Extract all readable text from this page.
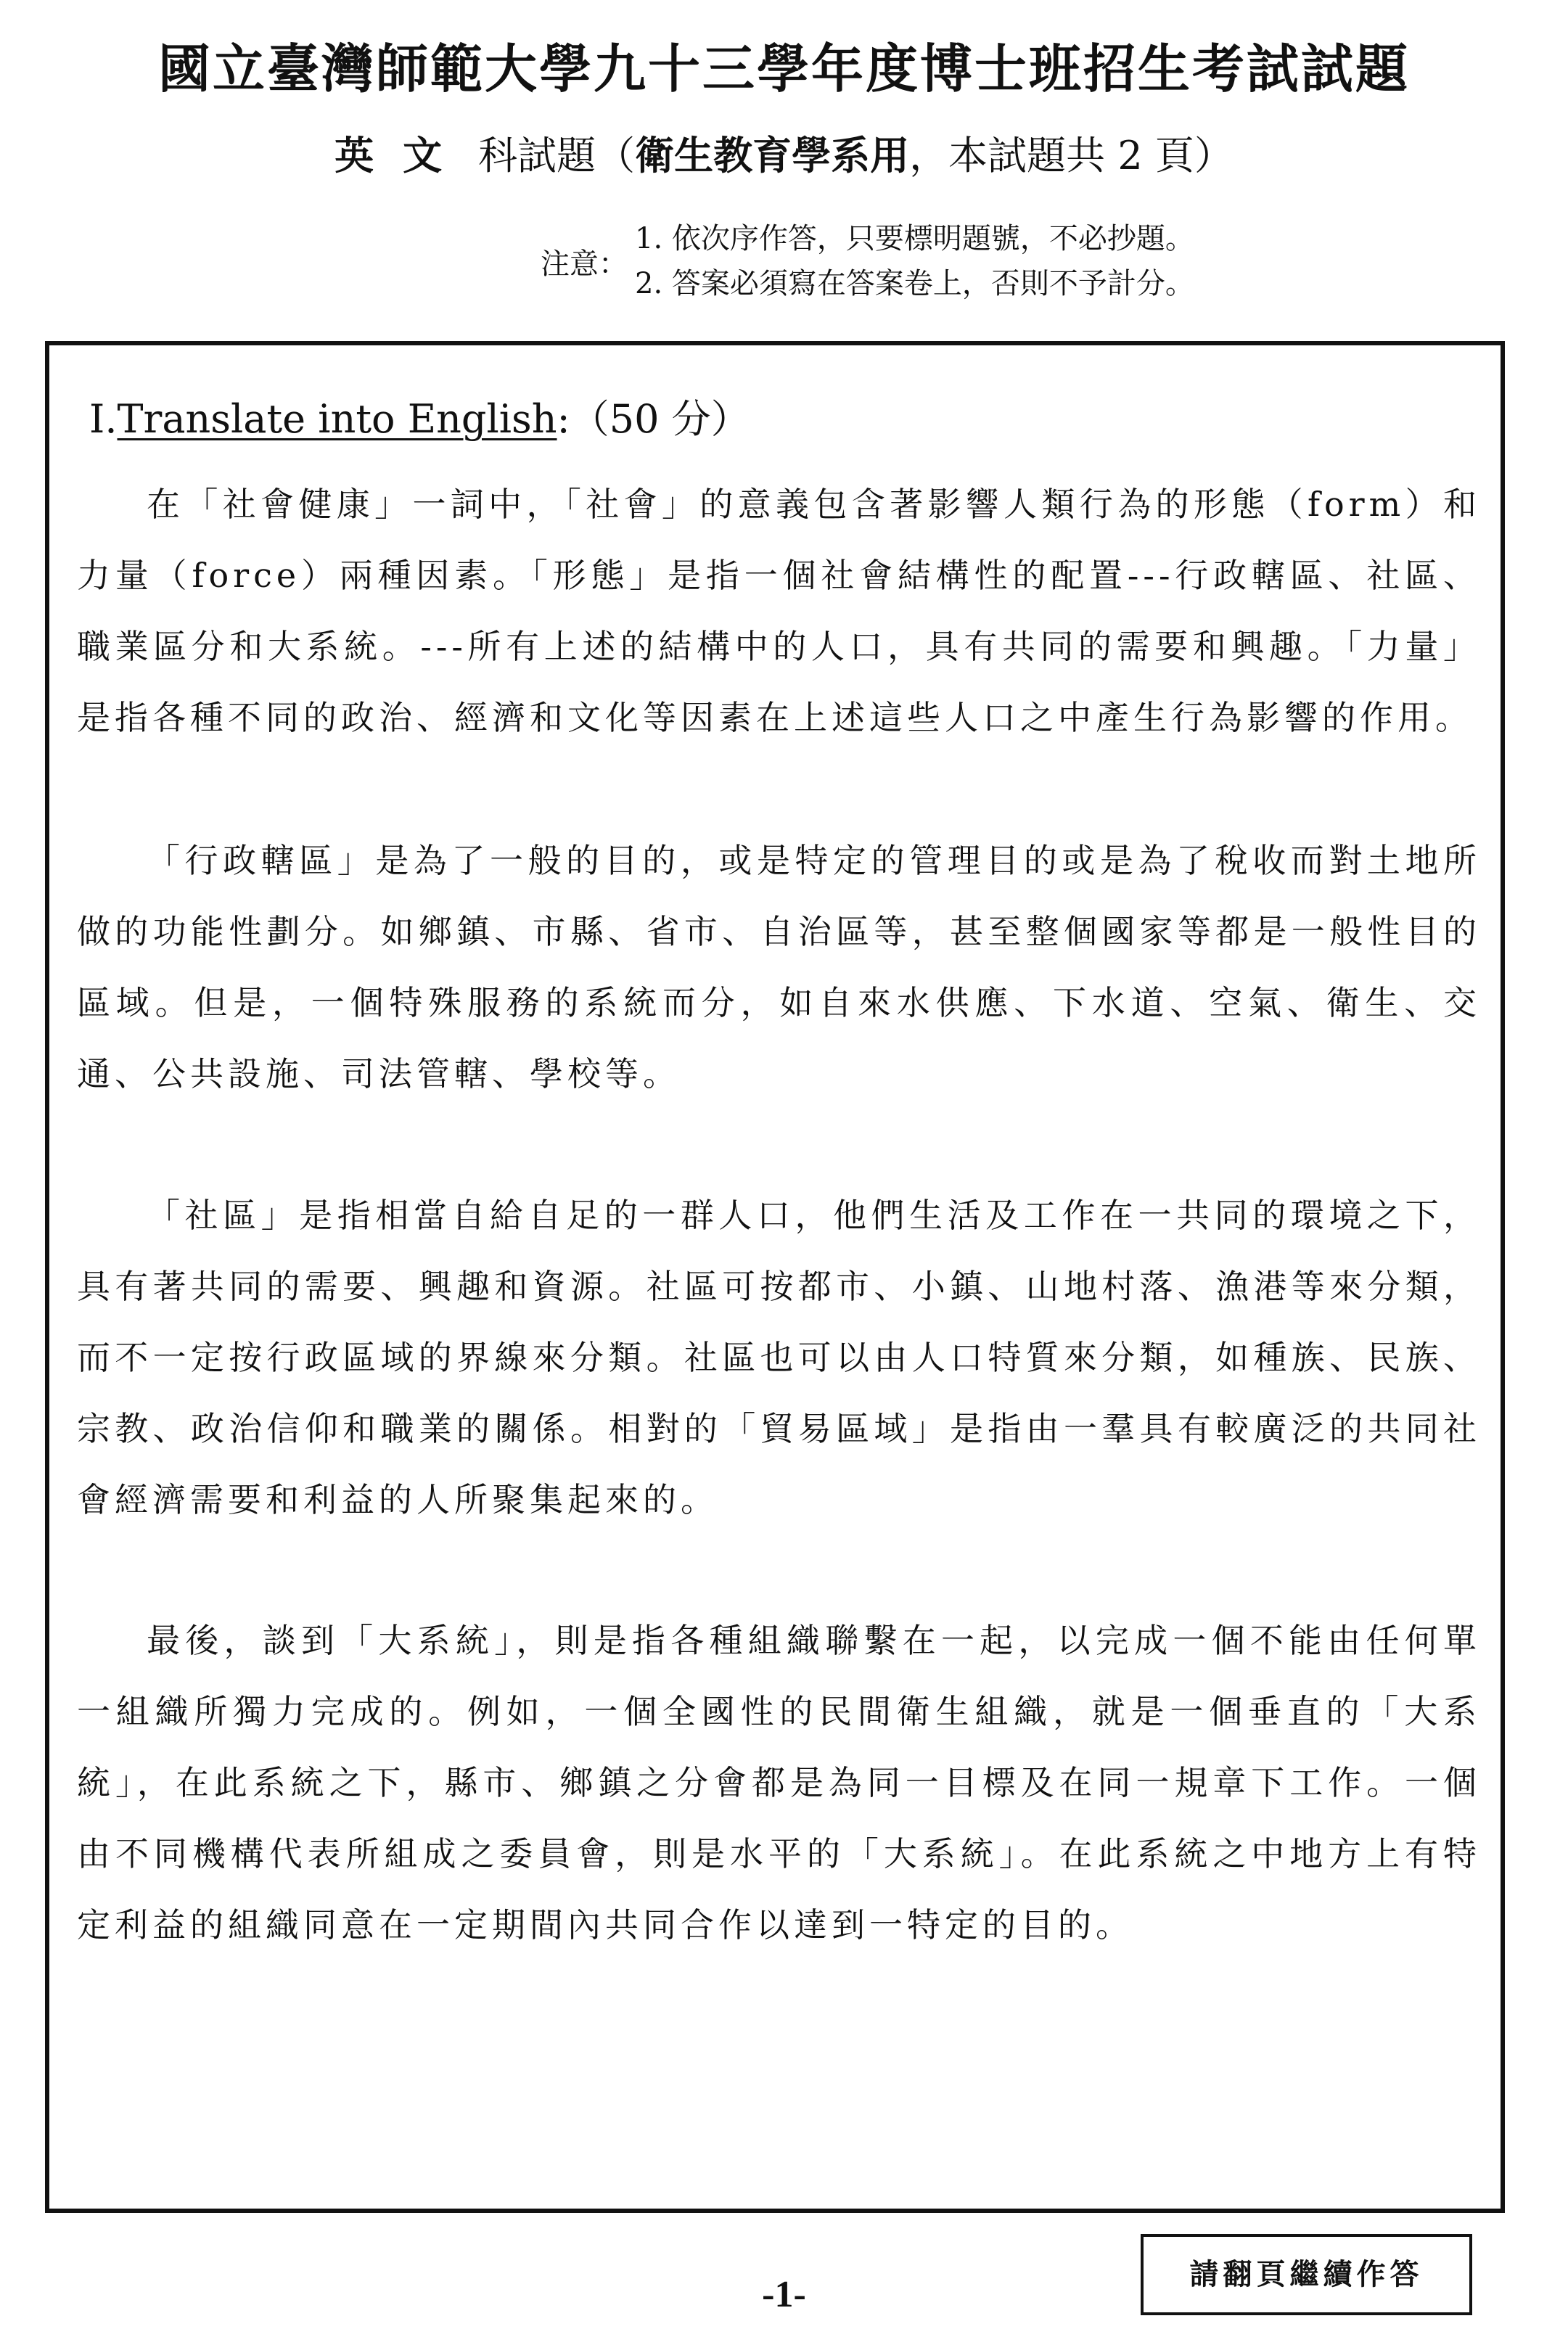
國立臺灣師範大學九十三學年度博士班招生考試試題
英文 科試題（衛生教育學系用，本試題共 2 頁）
注意：
1. 依次序作答，只要標明題號，不必抄題。
2. 答案必須寫在答案卷上，否則不予計分。
I.Translate into English:（50 分）

在「社會健康」一詞中，「社會」的意義包含著影響人類行為的形態（form）和力量（force）兩種因素。「形態」是指一個社會結構性的配置---行政轄區、社區、職業區分和大系統。---所有上述的結構中的人口，具有共同的需要和興趣。「力量」是指各種不同的政治、經濟和文化等因素在上述這些人口之中產生行為影響的作用。

「行政轄區」是為了一般的目的，或是特定的管理目的或是為了稅收而對土地所做的功能性劃分。如鄉鎮、市縣、省市、自治區等，甚至整個國家等都是一般性目的區域。但是，一個特殊服務的系統而分，如自來水供應、下水道、空氣、衛生、交通、公共設施、司法管轄、學校等。

「社區」是指相當自給自足的一群人口，他們生活及工作在一共同的環境之下，具有著共同的需要、興趣和資源。社區可按都市、小鎮、山地村落、漁港等來分類，而不一定按行政區域的界線來分類。社區也可以由人口特質來分類，如種族、民族、宗教、政治信仰和職業的關係。相對的「貿易區域」是指由一羣具有較廣泛的共同社會經濟需要和利益的人所聚集起來的。

最後，談到「大系統」，則是指各種組織聯繫在一起，以完成一個不能由任何單一組織所獨力完成的。例如，一個全國性的民間衛生組織，就是一個垂直的「大系統」，在此系統之下，縣市、鄉鎮之分會都是為同一目標及在同一規章下工作。一個由不同機構代表所組成之委員會，則是水平的「大系統」。在此系統之中地方上有特定利益的組織同意在一定期間內共同合作以達到一特定的目的。

-1-	請翻頁繼續作答
